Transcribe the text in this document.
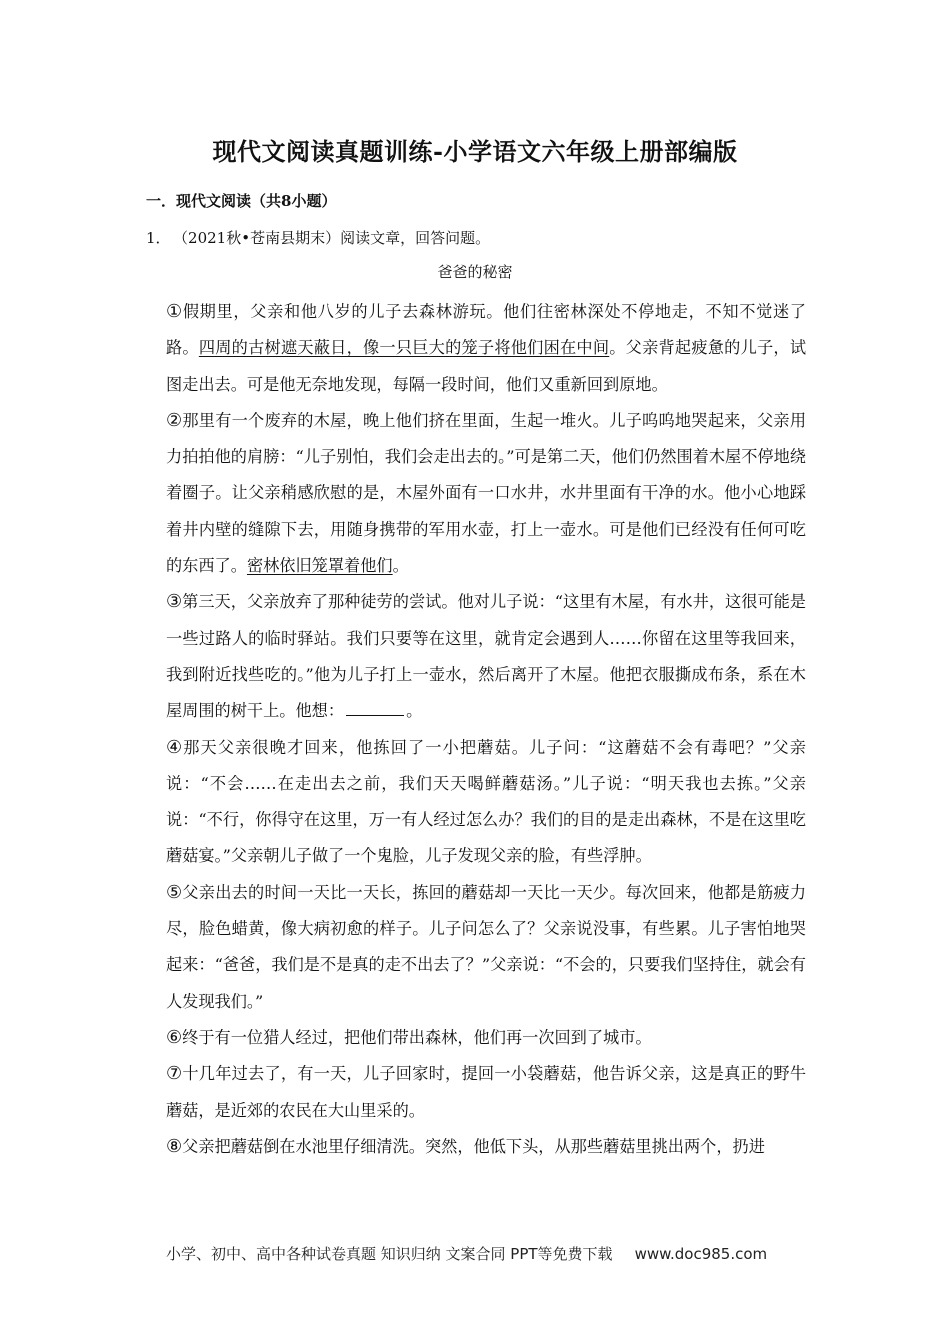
现代文阅读真题训练-小学语文六年级上册部编版
一．现代文阅读（共8小题）
1． （2021秋•苍南县期末）阅读文章，回答问题。
爸爸的秘密

①假期里，父亲和他八岁的儿子去森林游玩。他们往密林深处不停地走，不知不觉迷了路。四周的古树遮天蔽日，像一只巨大的笼子将他们困在中间。父亲背起疲惫的儿子，试图走出去。可是他无奈地发现，每隔一段时间，他们又重新回到原地。

②那里有一个废弃的木屋，晚上他们挤在里面，生起一堆火。儿子呜呜地哭起来，父亲用力拍拍他的肩膀：“儿子别怕，我们会走出去的。”可是第二天，他们仍然围着木屋不停地绕着圈子。让父亲稍感欣慰的是，木屋外面有一口水井，水井里面有干净的水。他小心地踩着井内壁的缝隙下去，用随身携带的军用水壶，打上一壶水。可是他们已经没有任何可吃的东西了。密林依旧笼罩着他们。

③第三天，父亲放弃了那种徒劳的尝试。他对儿子说：“这里有木屋，有水井，这很可能是一些过路人的临时驿站。我们只要等在这里，就肯定会遇到人……你留在这里等我回来，我到附近找些吃的。”他为儿子打上一壶水，然后离开了木屋。他把衣服撕成布条，系在木屋周围的树干上。他想：	。

④那天父亲很晚才回来，他拣回了一小把蘑菇。儿子问：“这蘑菇不会有毒吧？”父亲说：“不会……在走出去之前，我们天天喝鲜蘑菇汤。”儿子说：“明天我也去拣。”父亲说：“不行，你得守在这里，万一有人经过怎么办？我们的目的是走出森林，不是在这里吃蘑菇宴。”父亲朝儿子做了一个鬼脸，儿子发现父亲的脸，有些浮肿。

⑤父亲出去的时间一天比一天长，拣回的蘑菇却一天比一天少。每次回来，他都是筋疲力尽，脸色蜡黄，像大病初愈的样子。儿子问怎么了？父亲说没事，有些累。儿子害怕地哭起来：“爸爸，我们是不是真的走不出去了？”父亲说：“不会的，只要我们坚持住，就会有人发现我们。”

⑥终于有一位猎人经过，把他们带出森林，他们再一次回到了城市。

⑦十几年过去了，有一天，儿子回家时，提回一小袋蘑菇，他告诉父亲，这是真正的野牛蘑菇，是近郊的农民在大山里采的。

⑧父亲把蘑菇倒在水池里仔细清洗。突然，他低下头，从那些蘑菇里挑出两个，扔进

小学、初中、高中各种试卷真题 知识归纳 文案合同 PPT等免费下载 www.doc985.com
